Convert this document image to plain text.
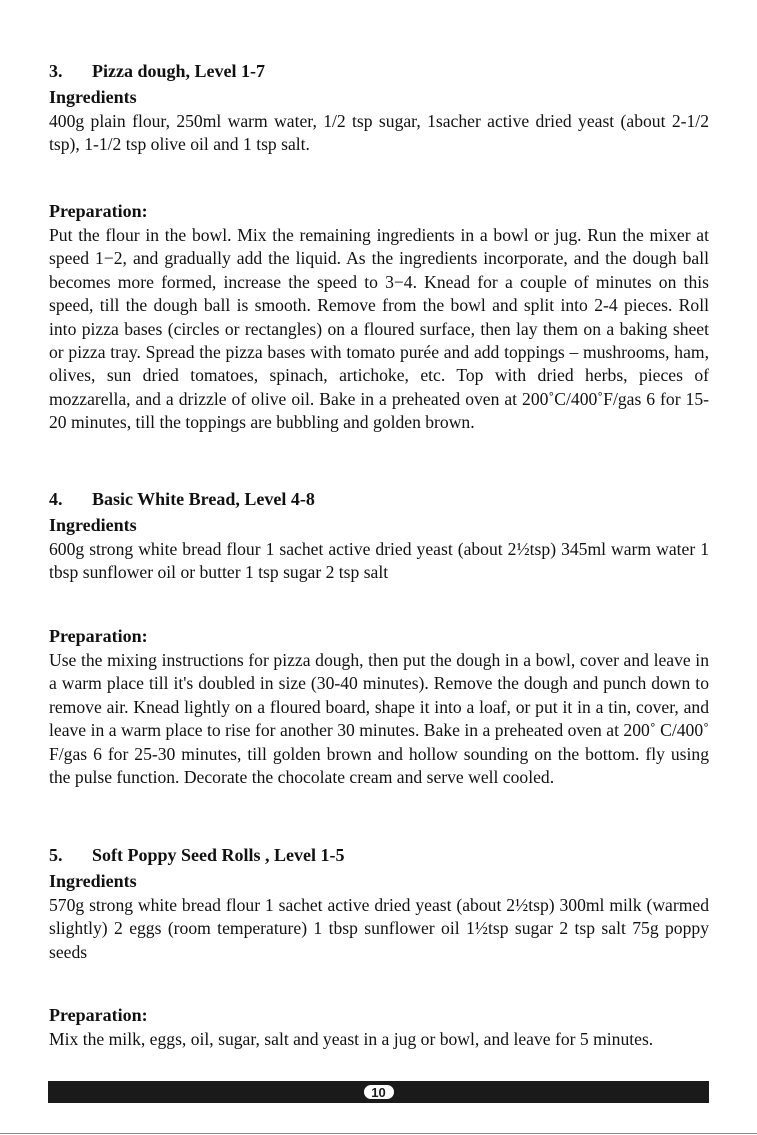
3. Pizza dough, Level 1-7
Ingredients

400g plain flour, 250ml warm water, 1/2 tsp sugar, 1sacher active dried yeast (about 2-1/2 tsp), 1-1/2 tsp olive oil and 1 tsp salt.

Preparation:

Put the flour in the bowl. Mix the remaining ingredients in a bowl or jug. Run the mixer at speed 1−2, and gradually add the liquid. As the ingredients incorporate, and the dough ball becomes more formed, increase the speed to 3−4. Knead for a couple of minutes on this speed, till the dough ball is smooth. Remove from the bowl and split into 2-4 pieces. Roll into pizza bases (circles or rectangles) on a floured surface, then lay them on a baking sheet or pizza tray. Spread the pizza bases with tomato purée and add toppings – mushrooms, ham, olives, sun dried tomatoes, spinach, artichoke, etc. Top with dried herbs, pieces of mozzarella, and a drizzle of olive oil. Bake in a preheated oven at 200˚C/400˚F/gas 6 for 15-20 minutes, till the toppings are bubbling and golden brown.

4. Basic White Bread, Level 4-8
Ingredients

600g strong white bread flour 1 sachet active dried yeast (about 2½tsp) 345ml warm water 1 tbsp sunflower oil or butter 1 tsp sugar 2 tsp salt

Preparation:

Use the mixing instructions for pizza dough, then put the dough in a bowl, cover and leave in a warm place till it's doubled in size (30-40 minutes). Remove the dough and punch down to remove air. Knead lightly on a floured board, shape it into a loaf, or put it in a tin, cover, and leave in a warm place to rise for another 30 minutes. Bake in a preheated oven at 200˚ C/400˚ F/gas 6 for 25-30 minutes, till golden brown and hollow sounding on the bottom. fly using the pulse function. Decorate the chocolate cream and serve well cooled.

5. Soft Poppy Seed Rolls , Level 1-5
Ingredients

570g strong white bread flour 1 sachet active dried yeast (about 2½tsp) 300ml milk (warmed slightly) 2 eggs (room temperature) 1 tbsp sunflower oil 1½tsp sugar 2 tsp salt 75g poppy seeds

Preparation:

Mix the milk, eggs, oil, sugar, salt and yeast in a jug or bowl, and leave for 5 minutes.

10
